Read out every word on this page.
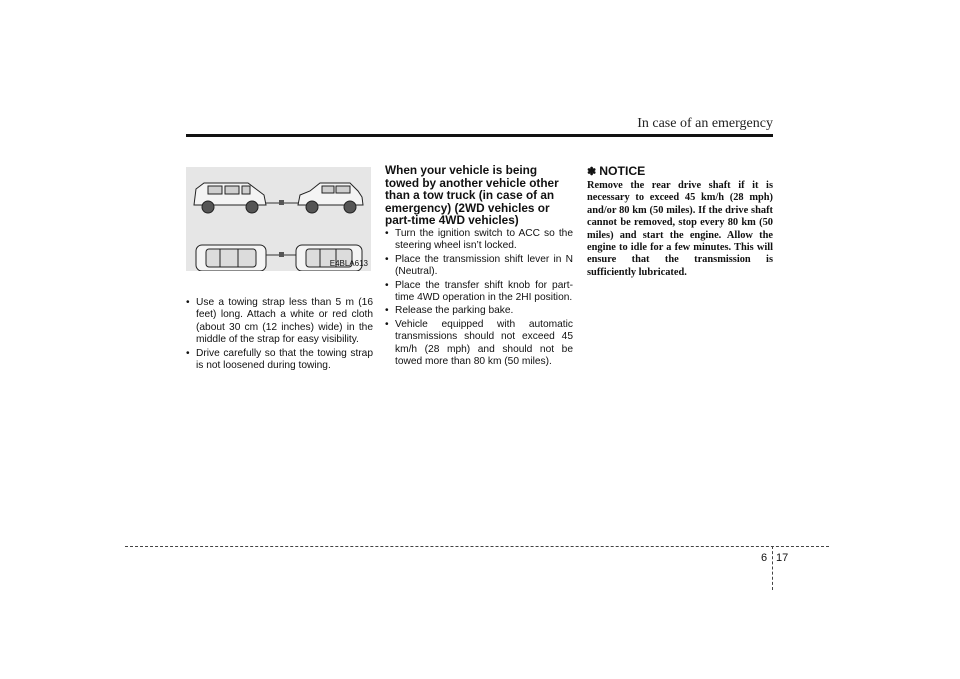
In case of an emergency
E4BLA613
• Use a towing strap less than 5 m (16 feet) long. Attach a white or red cloth (about 30 cm (12 inches) wide) in the middle of the strap for easy visibility.
• Drive carefully so that the towing strap is not loosened during towing.
When your vehicle is being towed by another vehicle other than a tow truck (in case of an emergency) (2WD vehicles or part-time 4WD vehicles)
• Turn the ignition switch to ACC so the steering wheel isn’t locked.
• Place the transmission shift lever in N (Neutral).
• Place the transfer shift knob for part-time 4WD operation in the 2HI position.
• Release the parking bake.
• Vehicle equipped with automatic transmissions should not exceed 45 km/h (28 mph) and should not be towed more than 80 km (50 miles).
✽ NOTICE
Remove the rear drive shaft if it is necessary to exceed 45 km/h (28 mph) and/or 80 km (50 miles). If the drive shaft cannot be removed, stop every 80 km (50 miles) and start the engine. Allow the engine to idle for a few minutes. This will ensure that the transmission is sufficiently lubricated.
6 17
